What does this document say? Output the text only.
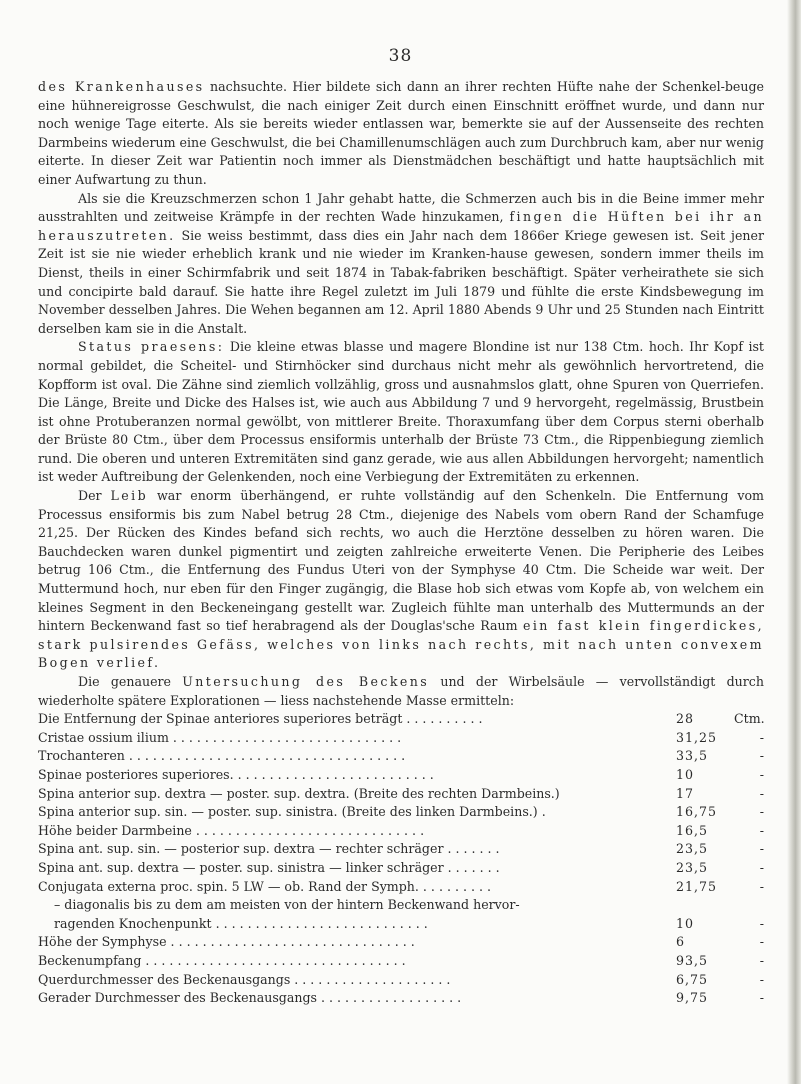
38

des Krankenhauses nachsuchte. Hier bildete sich dann an ihrer rechten Hüfte nahe der Schenkel-beuge eine hühnereigrosse Geschwulst, die nach einiger Zeit durch einen Einschnitt eröffnet wurde, und dann nur noch wenige Tage eiterte. Als sie bereits wieder entlassen war, bemerkte sie auf der Aussenseite des rechten Darmbeins wiederum eine Geschwulst, die bei Chamillenumschlägen auch zum Durchbruch kam, aber nur wenig eiterte. In dieser Zeit war Patientin noch immer als Dienstmädchen beschäftigt und hatte hauptsächlich mit einer Aufwartung zu thun.

Als sie die Kreuzschmerzen schon 1 Jahr gehabt hatte, die Schmerzen auch bis in die Beine immer mehr ausstrahlten und zeitweise Krämpfe in der rechten Wade hinzukamen, fingen die Hüften bei ihr an herauszutreten. Sie weiss bestimmt, dass dies ein Jahr nach dem 1866er Kriege gewesen ist. Seit jener Zeit ist sie nie wieder erheblich krank und nie wieder im Kranken-hause gewesen, sondern immer theils im Dienst, theils in einer Schirmfabrik und seit 1874 in Tabak-fabriken beschäftigt. Später verheirathete sie sich und concipirte bald darauf. Sie hatte ihre Regel zuletzt im Juli 1879 und fühlte die erste Kindsbewegung im November desselben Jahres. Die Wehen begannen am 12. April 1880 Abends 9 Uhr und 25 Stunden nach Eintritt derselben kam sie in die Anstalt.

Status praesens: Die kleine etwas blasse und magere Blondine ist nur 138 Ctm. hoch. Ihr Kopf ist normal gebildet, die Scheitel- und Stirnhöcker sind durchaus nicht mehr als gewöhnlich hervortretend, die Kopfform ist oval. Die Zähne sind ziemlich vollzählig, gross und ausnahmslos glatt, ohne Spuren von Querriefen. Die Länge, Breite und Dicke des Halses ist, wie auch aus Abbildung 7 und 9 hervorgeht, regelmässig, Brustbein ist ohne Protuberanzen normal gewölbt, von mittlerer Breite. Thoraxumfang über dem Corpus sterni oberhalb der Brüste 80 Ctm., über dem Processus ensiformis unterhalb der Brüste 73 Ctm., die Rippenbiegung ziemlich rund. Die oberen und unteren Extremitäten sind ganz gerade, wie aus allen Abbildungen hervorgeht; namentlich ist weder Auftreibung der Gelenkenden, noch eine Verbiegung der Extremitäten zu erkennen.

Der Leib war enorm überhängend, er ruhte vollständig auf den Schenkeln. Die Entfernung vom Processus ensiformis bis zum Nabel betrug 28 Ctm., diejenige des Nabels vom obern Rand der Schamfuge 21,25. Der Rücken des Kindes befand sich rechts, wo auch die Herztöne desselben zu hören waren. Die Bauchdecken waren dunkel pigmentirt und zeigten zahlreiche erweiterte Venen. Die Peripherie des Leibes betrug 106 Ctm., die Entfernung des Fundus Uteri von der Symphyse 40 Ctm. Die Scheide war weit. Der Muttermund hoch, nur eben für den Finger zugängig, die Blase hob sich etwas vom Kopfe ab, von welchem ein kleines Segment in den Beckeneingang gestellt war. Zugleich fühlte man unterhalb des Muttermunds an der hintern Beckenwand fast so tief herabragend als der Douglas'sche Raum ein fast klein fingerdickes, stark pulsirendes Gefäss, welches von links nach rechts, mit nach unten convexem Bogen verlief.

Die genauere Untersuchung des Beckens und der Wirbelsäule — vervollständigt durch wiederholte spätere Explorationen — liess nachstehende Masse ermitteln:

Die Entfernung der Spinae anteriores superiores beträgt . . . . . . . . . .	28	Ctm.
Cristae ossium ilium . . . . . . . . . . . . . . . . . . . . . . . . . . . . .	31,25	-
Trochanteren . . . . . . . . . . . . . . . . . . . . . . . . . . . . . . . . . . .	33,5	-
Spinae posteriores superiores. . . . . . . . . . . . . . . . . . . . . . . . . .	10	-
Spina anterior sup. dextra — poster. sup. dextra. (Breite des rechten Darmbeins.)	17	-
Spina anterior sup. sin. — poster. sup. sinistra. (Breite des linken Darmbeins.) .	16,75	-
Höhe beider Darmbeine . . . . . . . . . . . . . . . . . . . . . . . . . . . . .	16,5	-
Spina ant. sup. sin. — posterior sup. dextra — rechter schräger . . . . . . .	23,5	-
Spina ant. sup. dextra — poster. sup. sinistra — linker schräger . . . . . . .	23,5	-
Conjugata externa proc. spin. 5 LW — ob. Rand der Symph. . . . . . . . . .	21,75	-
– diagonalis bis zu dem am meisten von der hintern Beckenwand hervor-
ragenden Knochenpunkt . . . . . . . . . . . . . . . . . . . . . . . . . . .	10	-
Höhe der Symphyse . . . . . . . . . . . . . . . . . . . . . . . . . . . . . . .	6	-
Beckenumpfang . . . . . . . . . . . . . . . . . . . . . . . . . . . . . . . . .	93,5	-
Querdurchmesser des Beckenausgangs . . . . . . . . . . . . . . . . . . . .	6,75	-
Gerader Durchmesser des Beckenausgangs . . . . . . . . . . . . . . . . . .	9,75	-
